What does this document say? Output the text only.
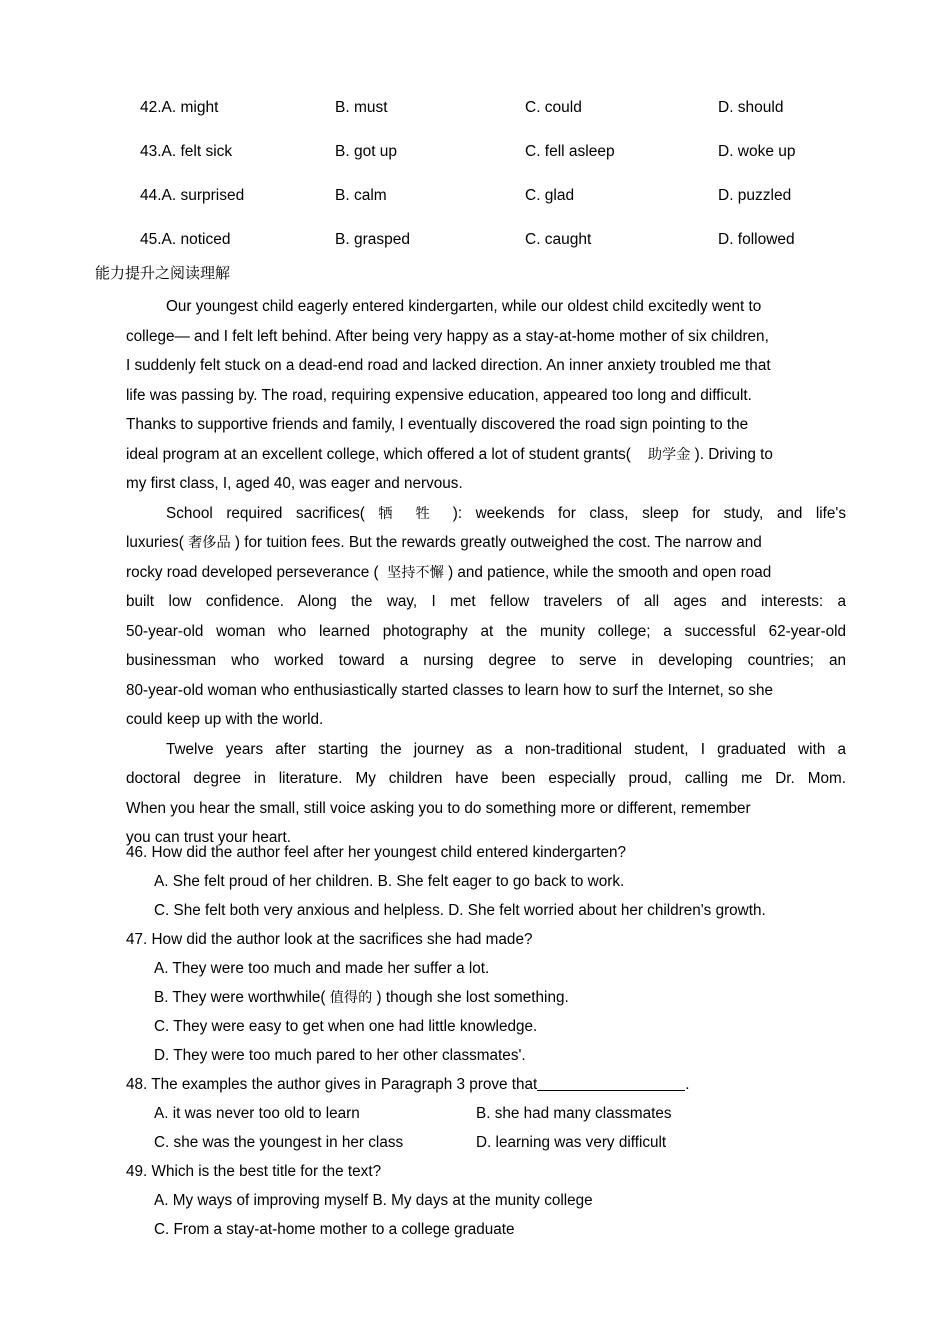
42.A. might	B. must	C. could	D. should
43.A. felt sick	B. got up	C. fell asleep	D. woke up
44.A. surprised	B. calm	C. glad	D. puzzled
45.A. noticed	B. grasped	C. caught	D. followed
能力提升之阅读理解
Our youngest child eagerly entered kindergarten, while our oldest child excitedly went to
college— and I felt left behind. After being very happy as a stay-at-home mother of six children,
I suddenly felt stuck on a dead-end road and lacked direction. An inner anxiety troubled me that
life was passing by. The road, requiring expensive education, appeared too long and difficult.
Thanks to supportive friends and family, I eventually discovered the road sign pointing to the
ideal program at an excellent college, which offered a lot of student grants( 助学金 ). Driving to
my first class, I, aged 40, was eager and nervous.
School required sacrifices( 牺 牲 ): weekends for class, sleep for study, and life's
luxuries( 奢侈品 ) for tuition fees. But the rewards greatly outweighed the cost. The narrow and
rocky road developed perseverance ( 坚持不懈 ) and patience, while the smooth and open road
built low confidence. Along the way, I met fellow travelers of all ages and interests: a
50-year-old woman who learned photography at the munity college; a successful 62-year-old
businessman who worked toward a nursing degree to serve in developing countries; an
80-year-old woman who enthusiastically started classes to learn how to surf the Internet, so she
could keep up with the world.
Twelve years after starting the journey as a non-traditional student, I graduated with a
doctoral degree in literature. My children have been especially proud, calling me Dr. Mom.
When you hear the small, still voice asking you to do something more or different, remember
you can trust your heart.
46. How did the author feel after her youngest child entered kindergarten?
A. She felt proud of her children. B. She felt eager to go back to work.
C. She felt both very anxious and helpless. D. She felt worried about her children's growth.
47. How did the author look at the sacrifices she had made?
A. They were too much and made her suffer a lot.
B. They were worthwhile( 值得的 ) though she lost something.
C. They were easy to get when one had little knowledge.
D. They were too much pared to her other classmates'.
48. The examples the author gives in Paragraph 3 prove that	.
A. it was never too old to learn	B. she had many classmates
C. she was the youngest in her class	D. learning was very difficult
49. Which is the best title for the text?
A. My ways of improving myself B. My days at the munity college
C. From a stay-at-home mother to a college graduate
